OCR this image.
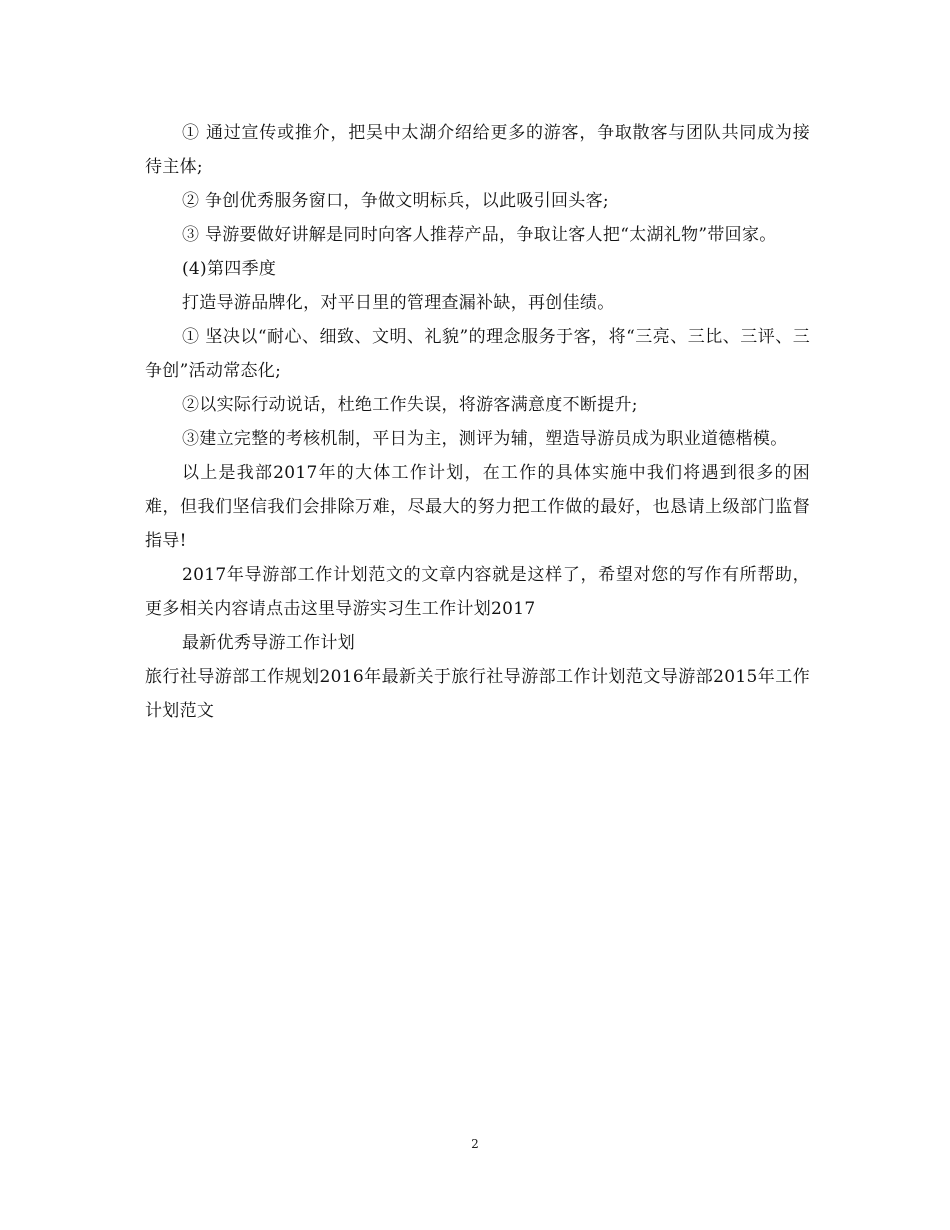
① 通过宣传或推介，把吴中太湖介绍给更多的游客，争取散客与团队共同成为接待主体;

② 争创优秀服务窗口，争做文明标兵，以此吸引回头客;

③ 导游要做好讲解是同时向客人推荐产品，争取让客人把“太湖礼物”带回家。

(4)第四季度

打造导游品牌化，对平日里的管理查漏补缺，再创佳绩。

① 坚决以“耐心、细致、文明、礼貌”的理念服务于客，将“三亮、三比、三评、三争创”活动常态化;

②以实际行动说话，杜绝工作失误，将游客满意度不断提升;

③建立完整的考核机制，平日为主，测评为辅，塑造导游员成为职业道德楷模。

以上是我部2017年的大体工作计划，在工作的具体实施中我们将遇到很多的困难，但我们坚信我们会排除万难，尽最大的努力把工作做的最好，也恳请上级部门监督指导!

2017年导游部工作计划范文的文章内容就是这样了，希望对您的写作有所帮助，更多相关内容请点击这里导游实习生工作计划2017

最新优秀导游工作计划

旅行社导游部工作规划2016年最新关于旅行社导游部工作计划范文导游部2015年工作计划范文

2
